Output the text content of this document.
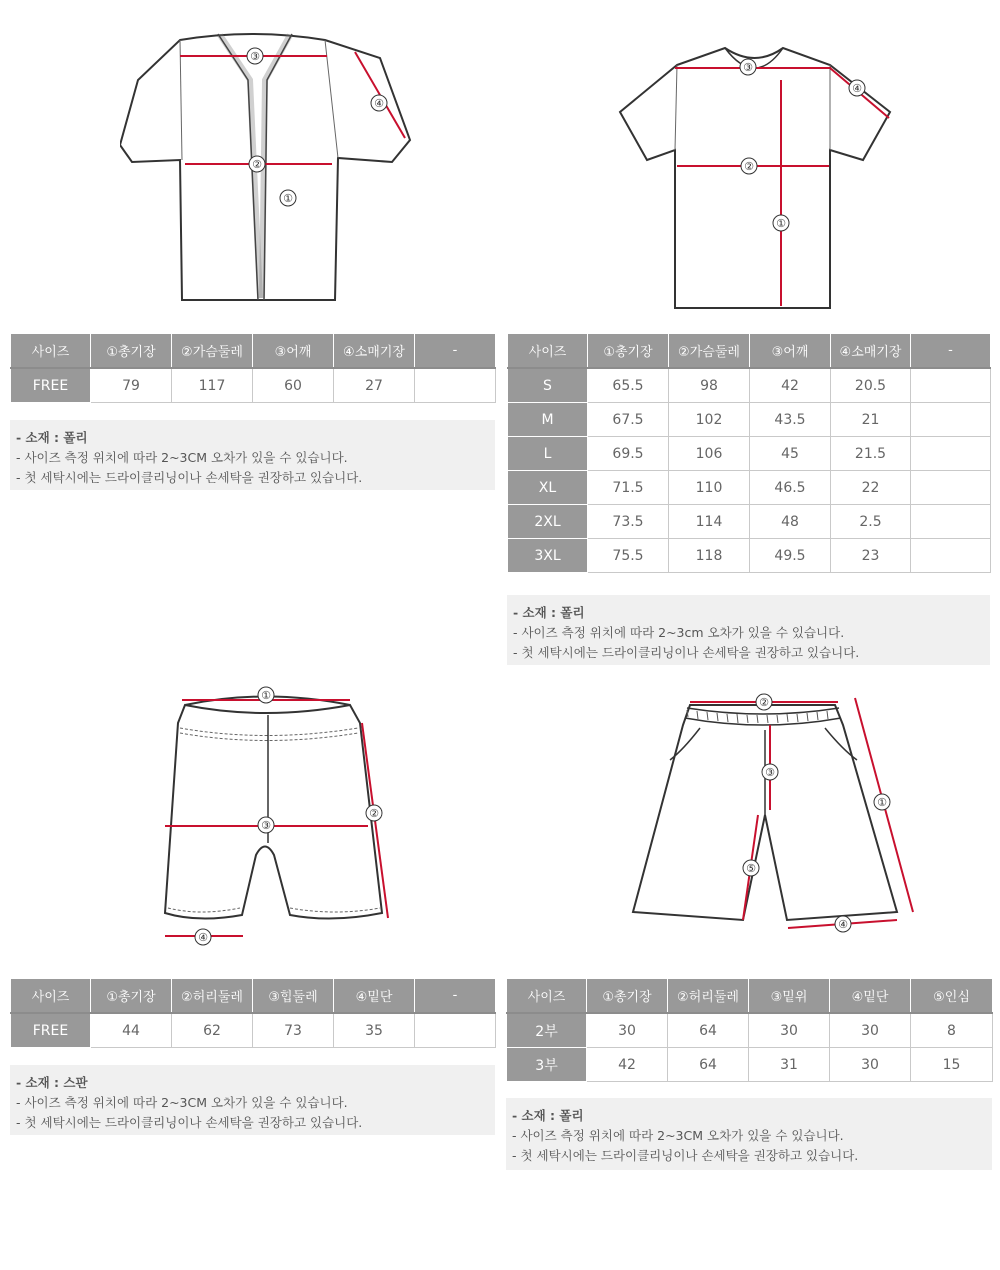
③
②
①
④
③
②
①
④
사이즈	①총기장	②가슴둘레	③어깨	④소매기장	-
FREE	79	117	60	27	
- 소재 : 폴리
- 사이즈 측정 위치에 따라 2~3CM 오차가 있을 수 있습니다.
- 첫 세탁시에는 드라이클리닝이나 손세탁을 권장하고 있습니다.
사이즈	①총기장	②가슴둘레	③어깨	④소매기장	-
S	65.5	98	42	20.5	
M	67.5	102	43.5	21	
L	69.5	106	45	21.5	
XL	71.5	110	46.5	22	
2XL	73.5	114	48	2.5	
3XL	75.5	118	49.5	23	
- 소재 : 폴리
- 사이즈 측정 위치에 따라 2~3cm 오차가 있을 수 있습니다.
- 첫 세탁시에는 드라이클리닝이나 손세탁을 권장하고 있습니다.
①
③
②
④
②
③
①
④
⑤
사이즈	①총기장	②허리둘레	③힙둘레	④밑단	-
FREE	44	62	73	35	
- 소재 : 스판
- 사이즈 측정 위치에 따라 2~3CM 오차가 있을 수 있습니다.
- 첫 세탁시에는 드라이클리닝이나 손세탁을 권장하고 있습니다.
사이즈	①총기장	②허리둘레	③밑위	④밑단	⑤인심
2부	30	64	30	30	8
3부	42	64	31	30	15
- 소재 : 폴리
- 사이즈 측정 위치에 따라 2~3CM 오차가 있을 수 있습니다.
- 첫 세탁시에는 드라이클리닝이나 손세탁을 권장하고 있습니다.
